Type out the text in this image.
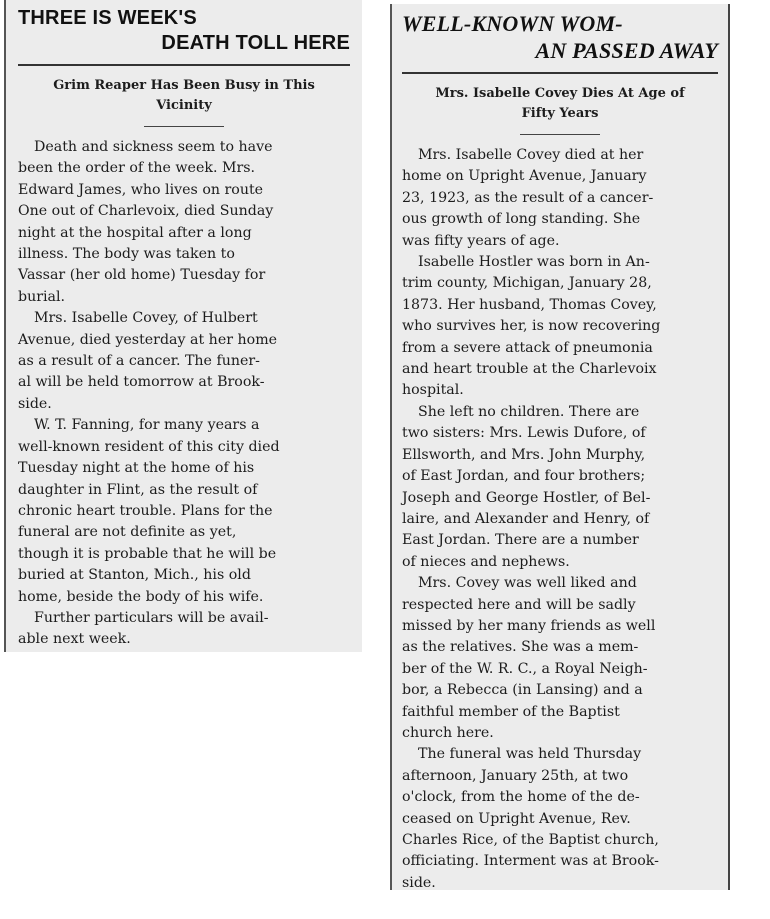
THREE IS WEEK'S
DEATH TOLL HERE

Grim Reaper Has Been Busy in This
Vicinity

Death and sickness seem to have
been the order of the week. Mrs.
Edward James, who lives on route
One out of Charlevoix, died Sunday
night at the hospital after a long
illness. The body was taken to
Vassar (her old home) Tuesday for
burial.

Mrs. Isabelle Covey, of Hulbert
Avenue, died yesterday at her home
as a result of a cancer. The funer-
al will be held tomorrow at Brook-
side.

W. T. Fanning, for many years a
well-known resident of this city died
Tuesday night at the home of his
daughter in Flint, as the result of
chronic heart trouble. Plans for the
funeral are not definite as yet,
though it is probable that he will be
buried at Stanton, Mich., his old
home, beside the body of his wife.

Further particulars will be avail-
able next week.

WELL-KNOWN WOM-
AN PASSED AWAY

Mrs. Isabelle Covey Dies At Age of
Fifty Years

Mrs. Isabelle Covey died at her
home on Upright Avenue, January
23, 1923, as the result of a cancer-
ous growth of long standing. She
was fifty years of age.

Isabelle Hostler was born in An-
trim county, Michigan, January 28,
1873. Her husband, Thomas Covey,
who survives her, is now recovering
from a severe attack of pneumonia
and heart trouble at the Charlevoix
hospital.

She left no children. There are
two sisters: Mrs. Lewis Dufore, of
Ellsworth, and Mrs. John Murphy,
of East Jordan, and four brothers;
Joseph and George Hostler, of Bel-
laire, and Alexander and Henry, of
East Jordan. There are a number
of nieces and nephews.

Mrs. Covey was well liked and
respected here and will be sadly
missed by her many friends as well
as the relatives. She was a mem-
ber of the W. R. C., a Royal Neigh-
bor, a Rebecca (in Lansing) and a
faithful member of the Baptist
church here.

The funeral was held Thursday
afternoon, January 25th, at two
o'clock, from the home of the de-
ceased on Upright Avenue, Rev.
Charles Rice, of the Baptist church,
officiating. Interment was at Brook-
side.
